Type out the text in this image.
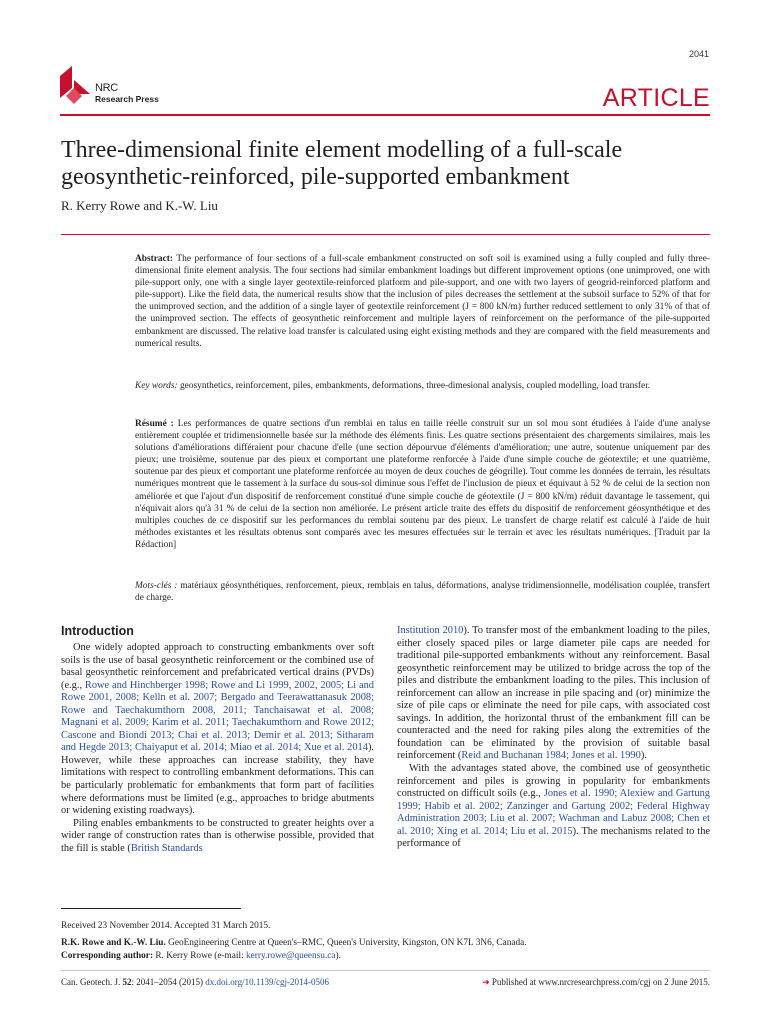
2041
NRC
Research Press	ARTICLE
Three-dimensional finite element modelling of a full-scale geosynthetic-reinforced, pile-supported embankment
R. Kerry Rowe and K.-W. Liu
Abstract: The performance of four sections of a full-scale embankment constructed on soft soil is examined using a fully coupled and fully three-dimensional finite element analysis. The four sections had similar embankment loadings but different improvement options (one unimproved, one with pile-support only, one with a single layer geotextile-reinforced platform and pile-support, and one with two layers of geogrid-reinforced platform and pile-support). Like the field data, the numerical results show that the inclusion of piles decreases the settlement at the subsoil surface to 52% of that for the unimproved section, and the addition of a single layer of geotextile reinforcement (J = 800 kN/m) further reduced settlement to only 31% of that of the unimproved section. The effects of geosynthetic reinforcement and multiple layers of reinforcement on the performance of the pile-supported embankment are discussed. The relative load transfer is calculated using eight existing methods and they are compared with the field measurements and numerical results.
Key words: geosynthetics, reinforcement, piles, embankments, deformations, three-dimesional analysis, coupled modelling, load transfer.
Résumé : Les performances de quatre sections d'un remblai en talus en taille réelle construit sur un sol mou sont étudiées à l'aide d'une analyse entièrement couplée et tridimensionnelle basée sur la méthode des éléments finis. Les quatre sections présentaient des chargements similaires, mais les solutions d'améliorations différaient pour chacune d'elle (une section dépourvue d'éléments d'amélioration; une autre, soutenue uniquement par des pieux; une troisième, soutenue par des pieux et comportant une plateforme renforcée à l'aide d'une simple couche de géotextile; et une quatrième, soutenue par des pieux et comportant une plateforme renforcée au moyen de deux couches de géogrille). Tout comme les données de terrain, les résultats numériques montrent que le tassement à la surface du sous-sol diminue sous l'effet de l'inclusion de pieux et équivaut à 52 % de celui de la section non améliorée et que l'ajout d'un dispositif de renforcement constitué d'une simple couche de géotextile (J = 800 kN/m) réduit davantage le tassement, qui n'équivait alors qu'à 31 % de celui de la section non améliorée. Le présent article traite des effets du dispositif de renforcement géosynthétique et des multiples couches de ce dispositif sur les performances du remblai soutenu par des pieux. Le transfert de charge relatif est calculé à l'aide de huit méthodes existantes et les résultats obtenus sont comparés avec les mesures effectuées sur le terrain et avec les résultats numériques. [Traduit par la Rédaction]
Mots-clés : matériaux géosynthétiques, renforcement, pieux, remblais en talus, déformations, analyse tridimensionnelle, modélisation couplée, transfert de charge.
Introduction

One widely adopted approach to constructing embankments over soft soils is the use of basal geosynthetic reinforcement or the combined use of basal geosynthetic reinforcement and prefabricated vertical drains (PVDs) (e.g., Rowe and Hinchberger 1998; Rowe and Li 1999, 2002, 2005; Li and Rowe 2001, 2008; Kelln et al. 2007; Bergado and Teerawattanasuk 2008; Rowe and Taechakumthorn 2008, 2011; Tanchaisawat et al. 2008; Magnani et al. 2009; Karim et al. 2011; Taechakumthorn and Rowe 2012; Cascone and Biondi 2013; Chai et al. 2013; Demir et al. 2013; Sitharam and Hegde 2013; Chaiyaput et al. 2014; Miao et al. 2014; Xue et al. 2014). However, while these approaches can increase stability, they have limitations with respect to controlling embankment deformations. This can be particularly problematic for embankments that form part of facilities where deformations must be limited (e.g., approaches to bridge abutments or widening existing roadways).

Piling enables embankments to be constructed to greater heights over a wider range of construction rates than is otherwise possible, provided that the fill is stable (British Standards

Institution 2010). To transfer most of the embankment loading to the piles, either closely spaced piles or large diameter pile caps are needed for traditional pile-supported embankments without any reinforcement. Basal geosynthetic reinforcement may be utilized to bridge across the top of the piles and distribute the embankment loading to the piles. This inclusion of reinforcement can allow an increase in pile spacing and (or) minimize the size of pile caps or eliminate the need for pile caps, with associated cost savings. In addition, the horizontal thrust of the embankment fill can be counteracted and the need for raking piles along the extremities of the foundation can be eliminated by the provision of suitable basal reinforcement (Reid and Buchanan 1984; Jones et al. 1990).

With the advantages stated above, the combined use of geosynthetic reinforcement and piles is growing in popularity for embankments constructed on difficult soils (e.g., Jones et al. 1990; Alexiew and Gartung 1999; Habib et al. 2002; Zanzinger and Gartung 2002; Federal Highway Administration 2003; Liu et al. 2007; Wachman and Labuz 2008; Chen et al. 2010; Xing et al. 2014; Liu et al. 2015). The mechanisms related to the performance of

Received 23 November 2014. Accepted 31 March 2015.
R.K. Rowe and K.-W. Liu. GeoEngineering Centre at Queen's–RMC, Queen's University, Kingston, ON K7L 3N6, Canada.
Corresponding author: R. Kerry Rowe (e-mail: kerry.rowe@queensu.ca).
Can. Geotech. J. 52: 2041–2054 (2015) dx.doi.org/10.1139/cgj-2014-0506	➜ Published at www.nrcresearchpress.com/cgj on 2 June 2015.
